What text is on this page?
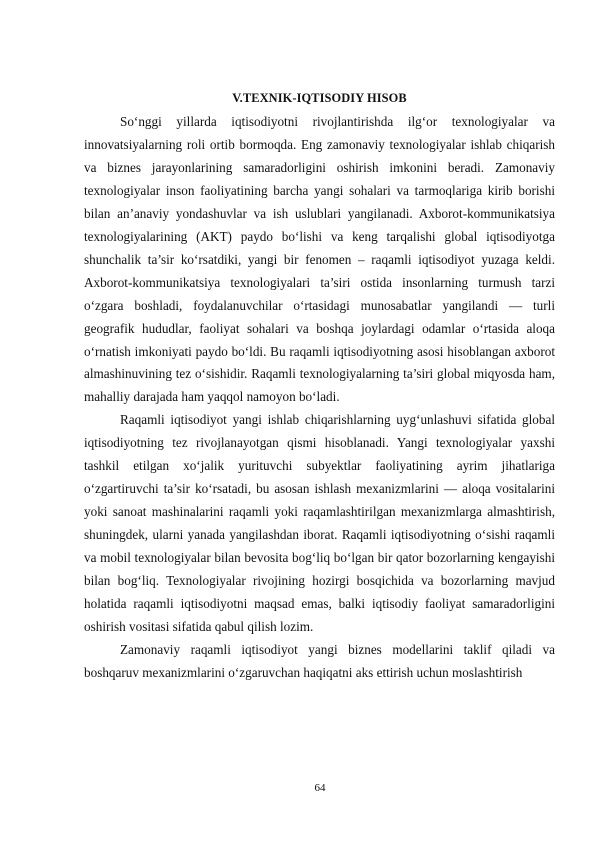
V.TEXNIK-IQTISODIY HISOB

So‘nggi yillarda iqtisodiyotni rivojlantirishda ilg‘or texnologiyalar va innovatsiyalarning roli ortib bormoqda. Eng zamonaviy texnologiyalar ishlab chiqarish va biznes jarayonlarining samaradorligini oshirish imkonini beradi. Zamonaviy texnologiyalar inson faoliyatining barcha yangi sohalari va tarmoqlariga kirib borishi bilan an’anaviy yondashuvlar va ish uslublari yangilanadi. Axborot-kommunikatsiya texnologiyalarining (AKT) paydo bo‘lishi va keng tarqalishi global iqtisodiyotga shunchalik ta’sir ko‘rsatdiki, yangi bir fenomen – raqamli iqtisodiyot yuzaga keldi. Axborot-kommunikatsiya texnologiyalari ta’siri ostida insonlarning turmush tarzi o‘zgara boshladi, foydalanuvchilar o‘rtasidagi munosabatlar yangilandi — turli geografik hududlar, faoliyat sohalari va boshqa joylardagi odamlar o‘rtasida aloqa o‘rnatish imkoniyati paydo bo‘ldi. Bu raqamli iqtisodiyotning asosi hisoblangan axborot almashinuvining tez o‘sishidir. Raqamli texnologiyalarning ta’siri global miqyosda ham, mahalliy darajada ham yaqqol namoyon bo‘ladi.

Raqamli iqtisodiyot yangi ishlab chiqarishlarning uyg‘unlashuvi sifatida global iqtisodiyotning tez rivojlanayotgan qismi hisoblanadi. Yangi texnologiyalar yaxshi tashkil etilgan xo‘jalik yurituvchi subyektlar faoliyatining ayrim jihatlariga o‘zgartiruvchi ta’sir ko‘rsatadi, bu asosan ishlash mexanizmlarini — aloqa vositalarini yoki sanoat mashinalarini raqamli yoki raqamlashtirilgan mexanizmlarga almashtirish, shuningdek, ularni yanada yangilashdan iborat. Raqamli iqtisodiyotning o‘sishi raqamli va mobil texnologiyalar bilan bevosita bog‘liq bo‘lgan bir qator bozorlarning kengayishi bilan bog‘liq. Texnologiyalar rivojining hozirgi bosqichida va bozorlarning mavjud holatida raqamli iqtisodiyotni maqsad emas, balki iqtisodiy faoliyat samaradorligini oshirish vositasi sifatida qabul qilish lozim.

Zamonaviy raqamli iqtisodiyot yangi biznes modellarini taklif qiladi va boshqaruv mexanizmlarini o‘zgaruvchan haqiqatni aks ettirish uchun moslashtirish

64
